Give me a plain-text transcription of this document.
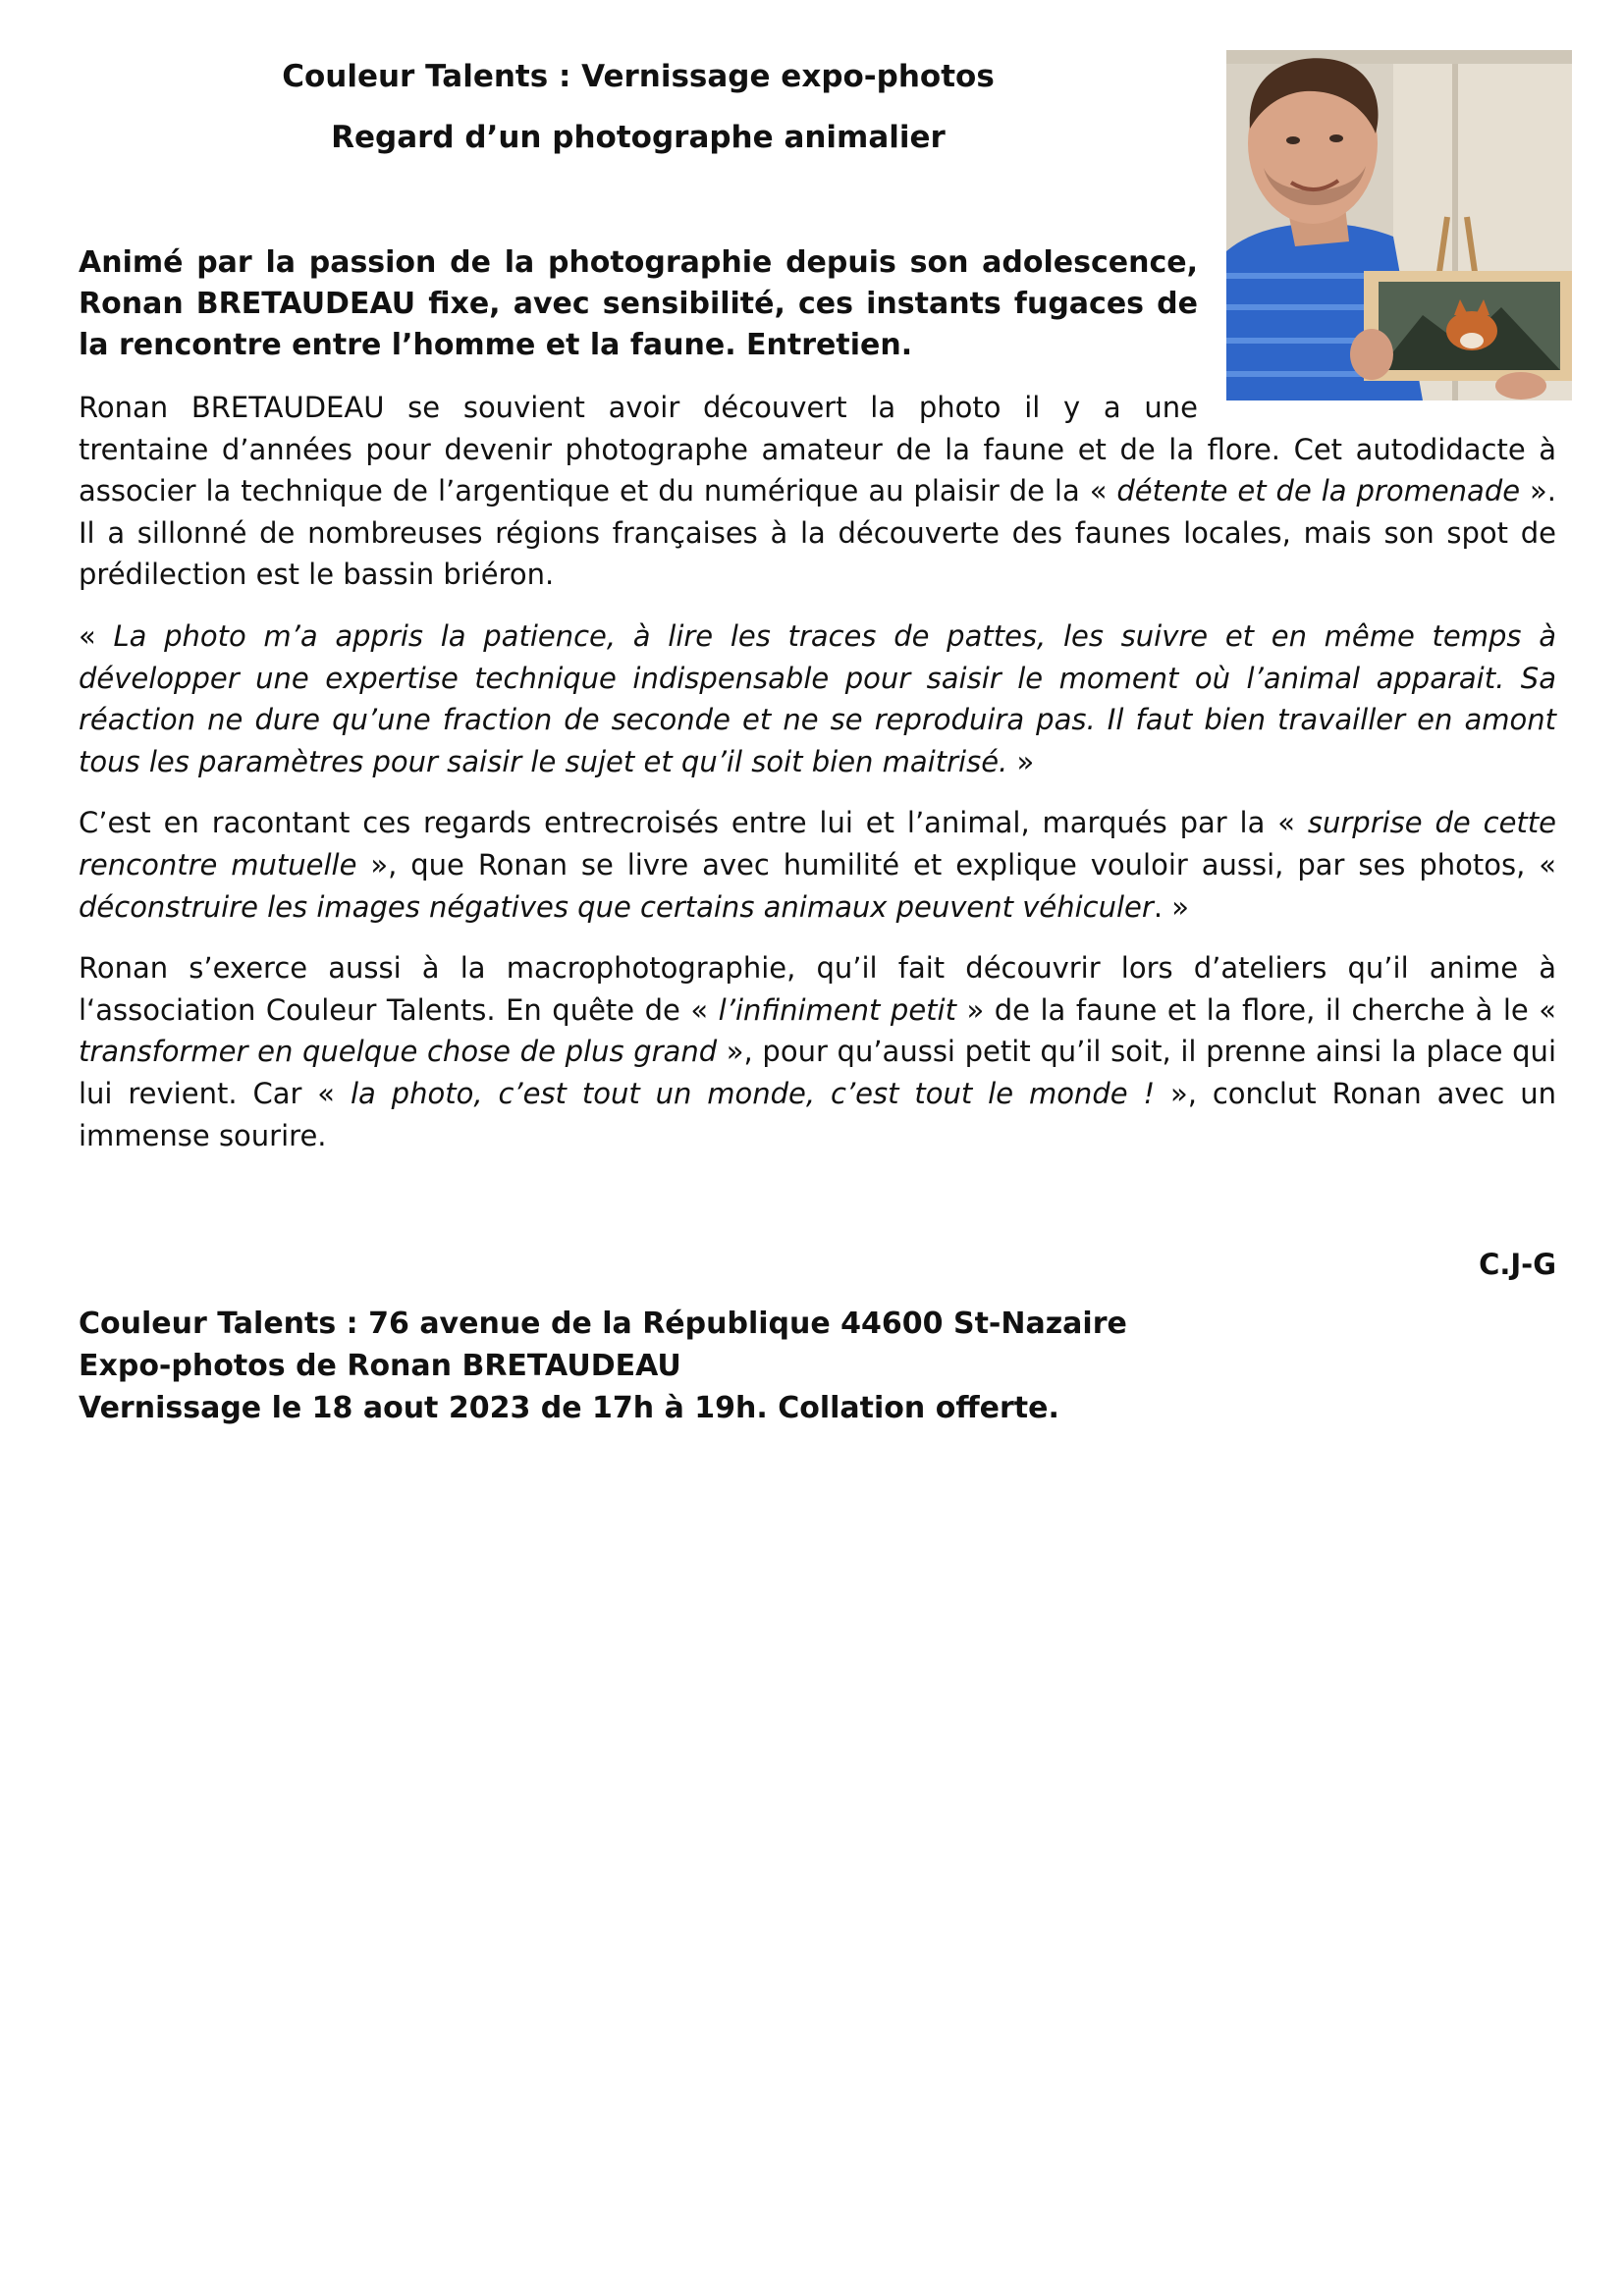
Couleur Talents : Vernissage expo-photos
Regard d’un photographe animalier

Animé par la passion de la photographie depuis son adolescence, Ronan BRETAUDEAU fixe, avec sensibilité, ces instants fugaces de la rencontre entre l’homme et la faune. Entretien.

Ronan BRETAUDEAU se souvient avoir découvert la photo il y a une

trentaine d’années pour devenir photographe amateur de la faune et de la flore. Cet autodidacte à associer la technique de l’argentique et du numérique au plaisir de la « détente et de la promenade ». Il a sillonné de nombreuses régions françaises à la découverte des faunes locales, mais son spot de prédilection est le bassin briéron.

« La photo m’a appris la patience, à lire les traces de pattes, les suivre et en même temps à développer une expertise technique indispensable pour saisir le moment où l’animal apparait. Sa réaction ne dure qu’une fraction de seconde et ne se reproduira pas. Il faut bien travailler en amont tous les paramètres pour saisir le sujet et qu’il soit bien maitrisé. »

C’est en racontant ces regards entrecroisés entre lui et l’animal, marqués par la « surprise de cette rencontre mutuelle », que Ronan se livre avec humilité et explique vouloir aussi, par ses photos, « déconstruire les images négatives que certains animaux peuvent véhiculer. »

Ronan s’exerce aussi à la macrophotographie, qu’il fait découvrir lors d’ateliers qu’il anime à l‘association Couleur Talents. En quête de « l’infiniment petit » de la faune et la flore, il cherche à le « transformer en quelque chose de plus grand », pour qu’aussi petit qu’il soit, il prenne ainsi la place qui lui revient. Car « la photo, c’est tout un monde, c’est tout le monde ! », conclut Ronan avec un immense sourire.

C.J-G

Couleur Talents : 76 avenue de la République 44600 St-Nazaire
Expo-photos de Ronan BRETAUDEAU
Vernissage le 18 aout 2023 de 17h à 19h. Collation offerte.
